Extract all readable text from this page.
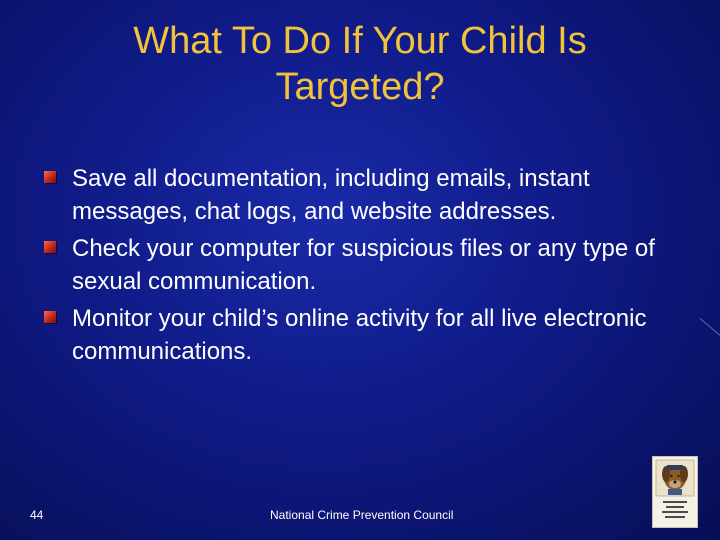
What To Do If Your Child Is Targeted?
Save all documentation, including emails, instant messages, chat logs, and website addresses.
Check your computer for suspicious files or any type of sexual communication.
Monitor your child’s online activity for all live electronic communications.
44	National Crime Prevention Council
